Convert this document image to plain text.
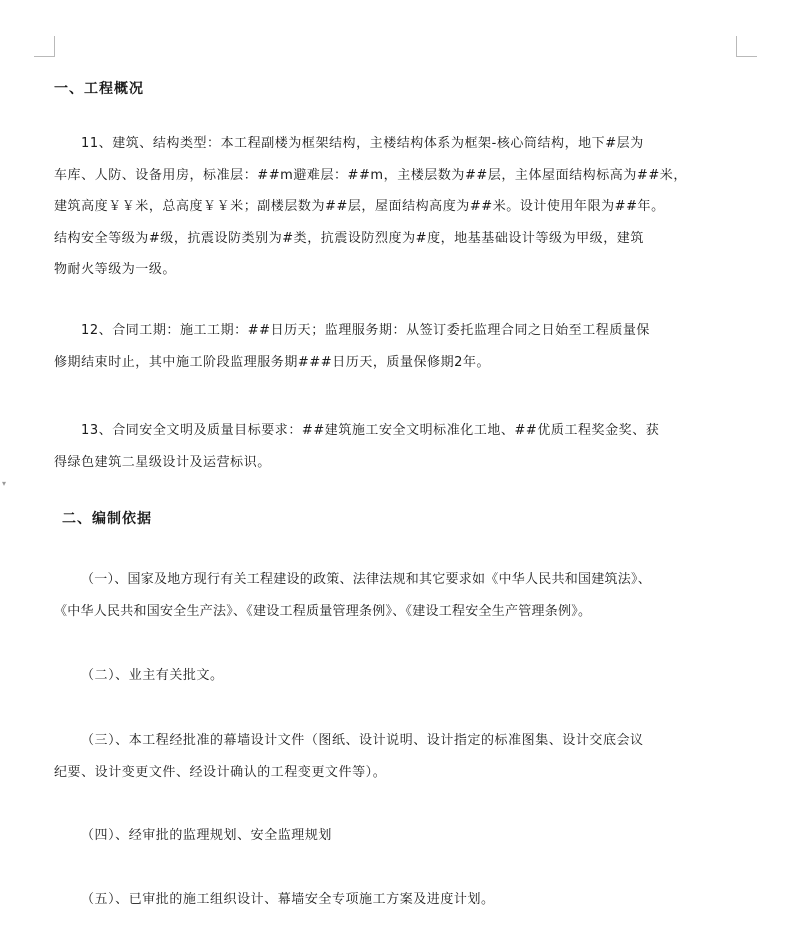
▾
一、工程概况
11、建筑、结构类型：本工程副楼为框架结构，主楼结构体系为框架-核心筒结构，地下#层为
车库、人防、设备用房，标准层：##m避难层：##m，主楼层数为##层，主体屋面结构标高为##米，
建筑高度￥￥米，总高度￥￥米；副楼层数为##层，屋面结构高度为##米。设计使用年限为##年。
结构安全等级为#级，抗震设防类别为#类，抗震设防烈度为#度，地基基础设计等级为甲级，建筑
物耐火等级为一级。
12、合同工期：施工工期：##日历天；监理服务期：从签订委托监理合同之日始至工程质量保
修期结束时止，其中施工阶段监理服务期###日历天，质量保修期2年。
13、合同安全文明及质量目标要求：##建筑施工安全文明标准化工地、##优质工程奖金奖、获
得绿色建筑二星级设计及运营标识。
二、编制依据
（一）、国家及地方现行有关工程建设的政策、法律法规和其它要求如《中华人民共和国建筑法》、
《中华人民共和国安全生产法》、《建设工程质量管理条例》、《建设工程安全生产管理条例》。
（二）、业主有关批文。
（三）、本工程经批准的幕墙设计文件（图纸、设计说明、设计指定的标准图集、设计交底会议
纪要、设计变更文件、经设计确认的工程变更文件等）。
（四）、经审批的监理规划、安全监理规划
（五）、已审批的施工组织设计、幕墙安全专项施工方案及进度计划。
